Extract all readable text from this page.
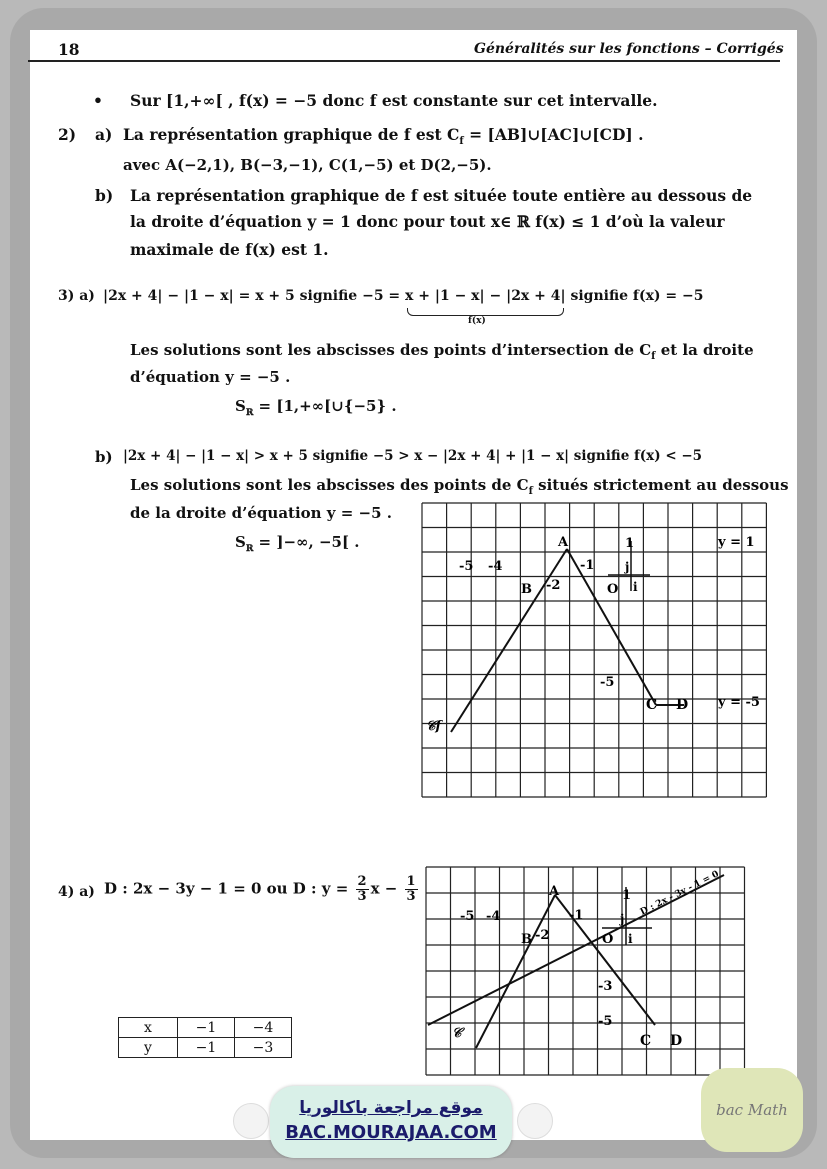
18	Généralités sur les fonctions – Corrigés
• Sur [1,+∞[ , f(x) = −5 donc f est constante sur cet intervalle.
2) a) La représentation graphique de f est $C_f$ = [AB]∪[AC]∪[CD] .
avec A(−2,1), B(−3,−1), C(1,−5) et D(2,−5).
b) La représentation graphique de f est située toute entière au dessous de
la droite d’équation y = 1 donc pour tout x∈ ℝ f(x) ≤ 1 d’où la valeur
maximale de f(x) est 1.
3) a) |2x + 4| − |1 − x| = x + 5 signifie −5 = x + |1 − x| − |2x + 4|
signifie f(x) = −5
f(x)
Les solutions sont les abscisses des points d’intersection de $C_f$ et la droite
d’équation y = −5 .
$S_ℝ$ = [1,+∞[∪{−5} .
b) |2x + 4| − |1 − x| > x + 5 signifie −5 > x − |2x + 4| + |1 − x| signifie f(x) < −5
Les solutions sont les abscisses des points de $C_f$ situés strictement au dessous
de la droite d’équation y = −5 .
$S_ℝ$ = ]−∞, −5[ .	A
B
C D
O
1
-5 -4
-2
-1
-5
i
j
y = 1
y = -5
𝒞f
4) a) D : 2x − 3y − 1 = 0 ou D : $y = \frac{2}{3}$ $x - \frac{1}{3}$	A
B
C D
O
1
-5 -4
-2
-1
-3
-5
i
j
D : 2x - 3y - 1 = 0
𝒞
x	−1	−4
y	−1	−3
موقع مراجعة باكالوريا
BAC.MOURAJAA.COM
bac Math
